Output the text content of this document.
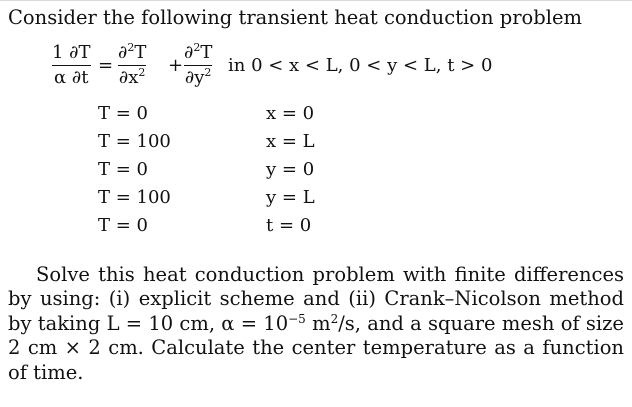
Consider the following transient heat conduction problem
1 ∂T
α ∂t
=
∂$^2$T
$\partial x^2$ +
∂$^2$T
$\partial y^2$ in 0 < x < L, 0 < y < L, t > 0
T = 0	x = 0
T = 100	x = L
T = 0	y = 0
T = 100	y = L
T = 0	t = 0
Solve this heat conduction problem with finite differences by using: (i) explicit scheme and (ii) Crank–Nicolson method by taking L = 10 cm, $\alpha = 10^{-5}$ $m^2/s$, and a square mesh of size 2 cm × 2 cm. Calculate the center temperature as a function of time.
